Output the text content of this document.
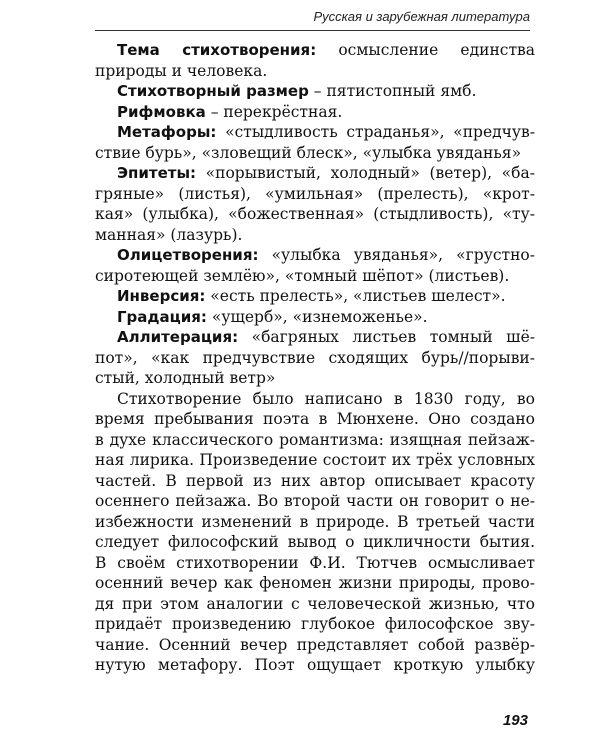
Русская и зарубежная литература
Тема стихотворения: осмысление единства
природы и человека.
Стихотворный размер – пятистопный ямб.
Рифмовка – перекрёстная.
Метафоры: «стыдливость страданья», «предчув-
ствие бурь», «зловещий блеск», «улыбка увяданья»
Эпитеты: «порывистый, холодный» (ветер), «ба-
гряные» (листья), «умильная» (прелесть), «крот-
кая» (улыбка), «божественная» (стыдливость), «ту-
манная» (лазурь).
Олицетворения: «улыбка увяданья», «грустно-
сиротеющей землёю», «томный шёпот» (листьев).
Инверсия: «есть прелесть», «листьев шелест».
Градация: «ущерб», «изнеможенье».
Аллитерация: «багряных листьев томный шё-
пот», «как предчувствие сходящих бурь//порыви-
стый, холодный ветр»
Стихотворение было написано в 1830 году, во
время пребывания поэта в Мюнхене. Оно создано
в духе классического романтизма: изящная пейзаж-
ная лирика. Произведение состоит их трёх условных
частей. В первой из них автор описывает красоту
осеннего пейзажа. Во второй части он говорит о не-
избежности изменений в природе. В третьей части
следует философский вывод о цикличности бытия.
В своём стихотворении Ф.И. Тютчев осмысливает
осенний вечер как феномен жизни природы, прово-
дя при этом аналогии с человеческой жизнью, что
придаёт произведению глубокое философское зву-
чание. Осенний вечер представляет собой развёр-
нутую метафору. Поэт ощущает кроткую улыбку
193
